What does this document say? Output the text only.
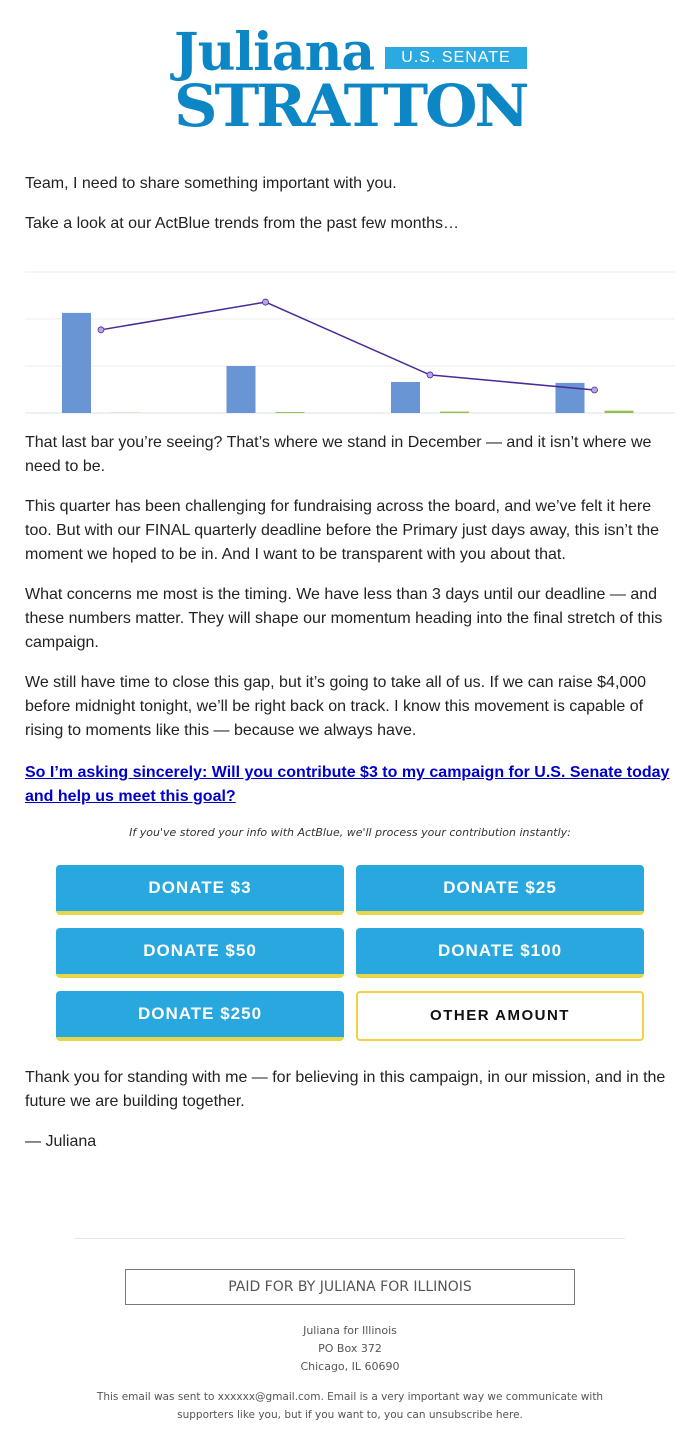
Juliana	U.S. SENATE
STRATTON

Team, I need to share something important with you.

Take a look at our ActBlue trends from the past few months…

That last bar you’re seeing? That’s where we stand in December — and it isn’t where we need to be.

This quarter has been challenging for fundraising across the board, and we’ve felt it here too. But with our FINAL quarterly deadline before the Primary just days away, this isn’t the moment we hoped to be in. And I want to be transparent with you about that.

What concerns me most is the timing. We have less than 3 days until our deadline — and these numbers matter. They will shape our momentum heading into the final stretch of this campaign.

We still have time to close this gap, but it’s going to take all of us. If we can raise $4,000 before midnight tonight, we’ll be right back on track. I know this movement is capable of rising to moments like this — because we always have.

So I’m asking sincerely: Will you contribute $3 to my campaign for U.S. Senate today and help us meet this goal?
If you've stored your info with ActBlue, we'll process your contribution instantly:
DONATE $3	DONATE $25
DONATE $50	DONATE $100
DONATE $250	OTHER AMOUNT

Thank you for standing with me — for believing in this campaign, in our mission, and in the future we are building together.

— Juliana

PAID FOR BY JULIANA FOR ILLINOIS
Juliana for Illinois
PO Box 372
Chicago, IL 60690
This email was sent to xxxxxx@gmail.com. Email is a very important way we communicate with supporters like you, but if you want to, you can unsubscribe here.
